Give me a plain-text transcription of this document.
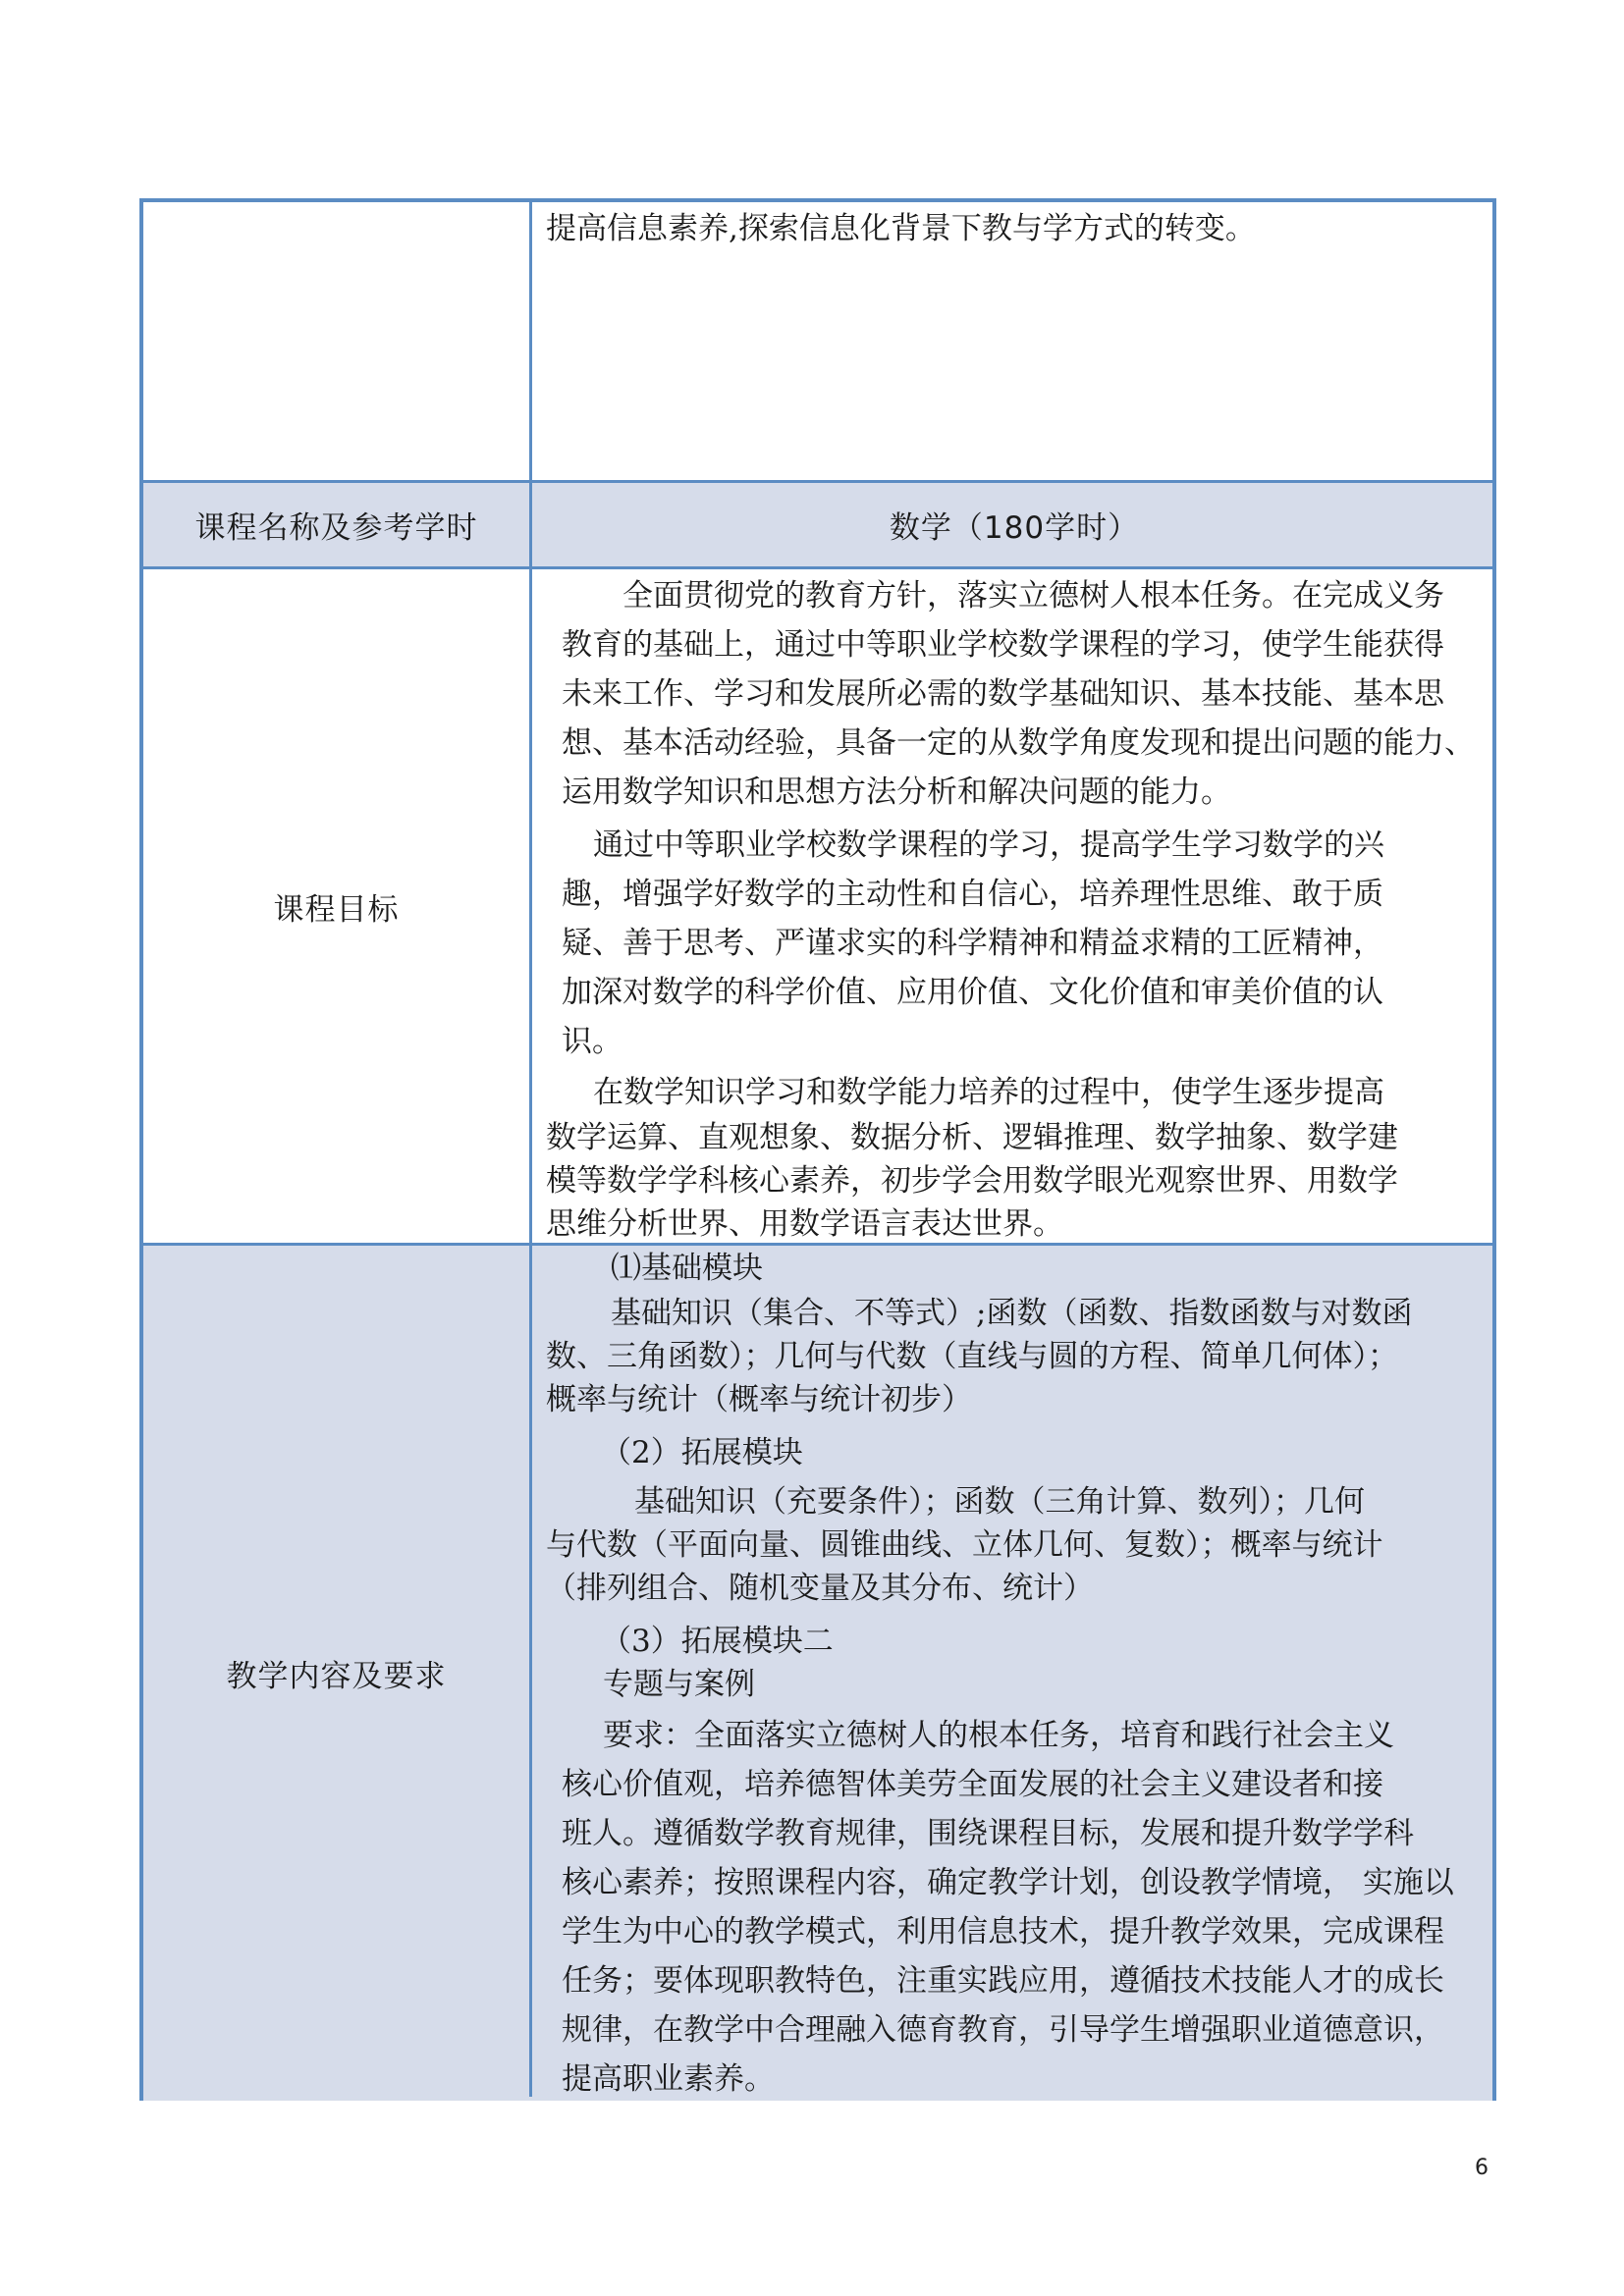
提高信息素养,探索信息化背景下教与学方式的转变。
课程名称及参考学时	数学（180学时）
课程目标
全面贯彻党的教育方针，落实立德树人根本任务。在完成义务
教育的基础上，通过中等职业学校数学课程的学习，使学生能获得
未来工作、学习和发展所必需的数学基础知识、基本技能、基本思
想、基本活动经验，具备一定的从数学角度发现和提出问题的能力、
运用数学知识和思想方法分析和解决问题的能力。
通过中等职业学校数学课程的学习，提高学生学习数学的兴
趣，增强学好数学的主动性和自信心，培养理性思维、敢于质
疑、善于思考、严谨求实的科学精神和精益求精的工匠精神，
加深对数学的科学价值、应用价值、文化价值和审美价值的认
识。
在数学知识学习和数学能力培养的过程中，使学生逐步提高
数学运算、直观想象、数据分析、逻辑推理、数学抽象、数学建
模等数学学科核心素养，初步学会用数学眼光观察世界、用数学
思维分析世界、用数学语言表达世界。
教学内容及要求
⑴基础模块
基础知识（集合、不等式）;函数（函数、指数函数与对数函
数、三角函数）；几何与代数（直线与圆的方程、简单几何体）；
概率与统计（概率与统计初步）
（2）拓展模块
基础知识（充要条件）；函数（三角计算、数列）；几何
与代数（平面向量、圆锥曲线、立体几何、复数）；概率与统计
（排列组合、随机变量及其分布、统计）
（3）拓展模块二
专题与案例
要求：全面落实立德树人的根本任务，培育和践行社会主义
核心价值观，培养德智体美劳全面发展的社会主义建设者和接
班人。遵循数学教育规律，围绕课程目标，发展和提升数学学科
核心素养；按照课程内容，确定教学计划，创设教学情境， 实施以
学生为中心的教学模式，利用信息技术，提升教学效果，完成课程
任务；要体现职教特色，注重实践应用，遵循技术技能人才的成长
规律，在教学中合理融入德育教育，引导学生增强职业道德意识，
提高职业素养。
6
